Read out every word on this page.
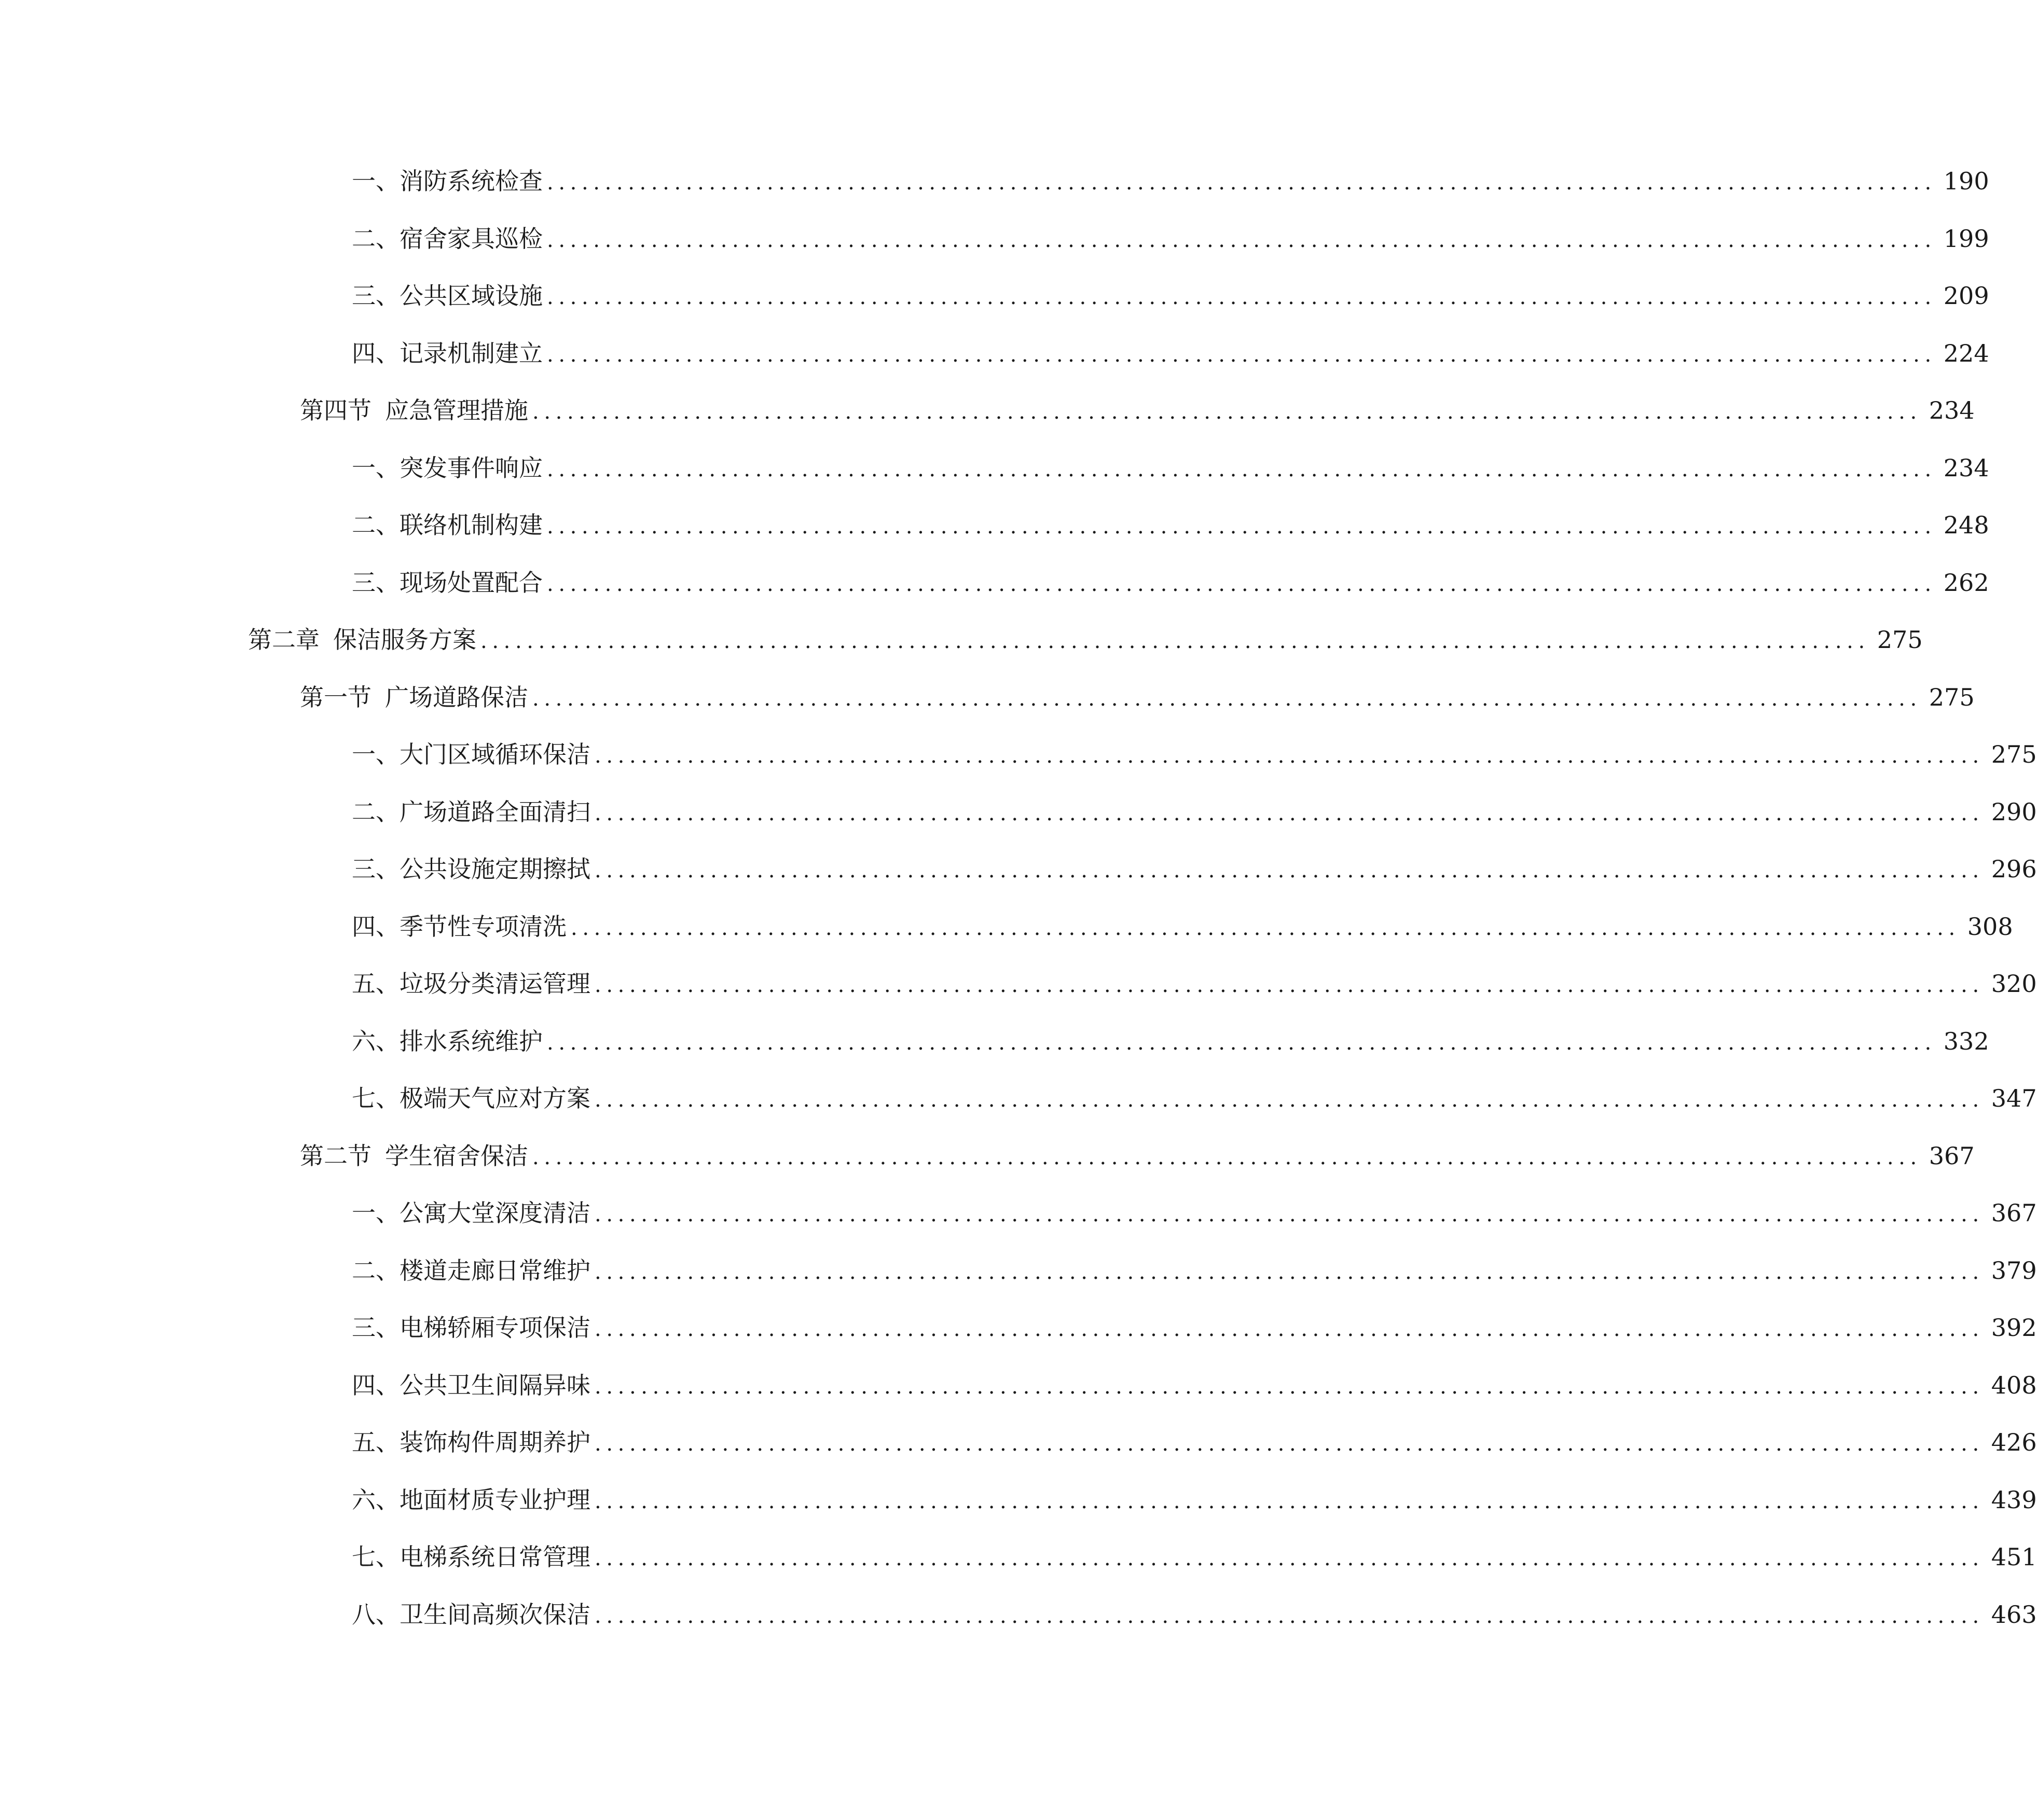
一、 消防系统检查 ........................................................................................................................ 190
二、 宿舍家具巡检 ........................................................................................................................ 199
三、 公共区域设施 ........................................................................................................................ 209
四、 记录机制建立 ........................................................................................................................ 224
第四节 应急管理措施 ........................................................................................................................ 234
一、 突发事件响应 ........................................................................................................................ 234
二、 联络机制构建 ........................................................................................................................ 248
三、 现场处置配合 ........................................................................................................................ 262
第二章 保洁服务方案 ........................................................................................................................ 275
第一节 广场道路保洁 ........................................................................................................................ 275
一、 大门区域循环保洁 ........................................................................................................................ 275
二、 广场道路全面清扫 ........................................................................................................................ 290
三、 公共设施定期擦拭 ........................................................................................................................ 296
四、 季节性专项清洗 ........................................................................................................................ 308
五、 垃圾分类清运管理 ........................................................................................................................ 320
六、 排水系统维护 ........................................................................................................................ 332
七、 极端天气应对方案 ........................................................................................................................ 347
第二节 学生宿舍保洁 ........................................................................................................................ 367
一、 公寓大堂深度清洁 ........................................................................................................................ 367
二、 楼道走廊日常维护 ........................................................................................................................ 379
三、 电梯轿厢专项保洁 ........................................................................................................................ 392
四、 公共卫生间隔异味 ........................................................................................................................ 408
五、 装饰构件周期养护 ........................................................................................................................ 426
六、 地面材质专业护理 ........................................................................................................................ 439
七、 电梯系统日常管理 ........................................................................................................................ 451
八、 卫生间高频次保洁 ........................................................................................................................ 463
